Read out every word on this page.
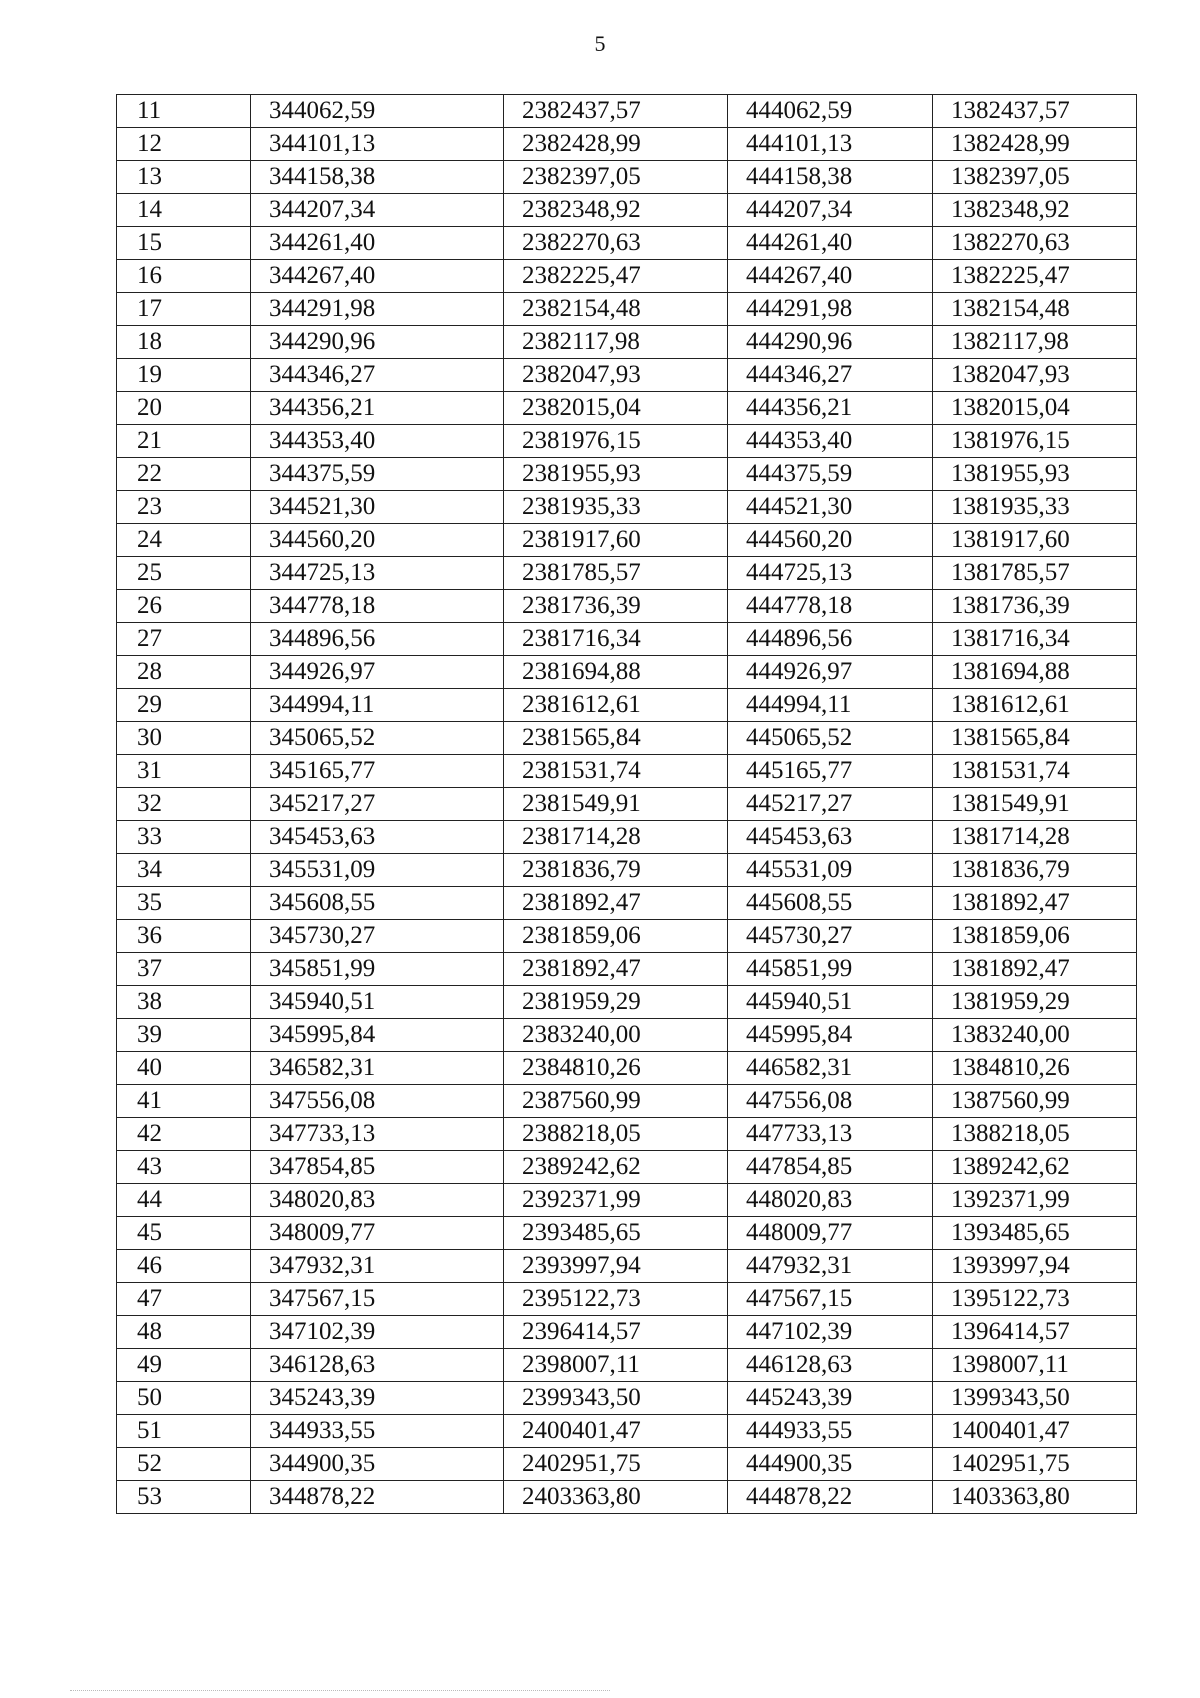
5
11	344062,59	2382437,57	444062,59	1382437,57
12	344101,13	2382428,99	444101,13	1382428,99
13	344158,38	2382397,05	444158,38	1382397,05
14	344207,34	2382348,92	444207,34	1382348,92
15	344261,40	2382270,63	444261,40	1382270,63
16	344267,40	2382225,47	444267,40	1382225,47
17	344291,98	2382154,48	444291,98	1382154,48
18	344290,96	2382117,98	444290,96	1382117,98
19	344346,27	2382047,93	444346,27	1382047,93
20	344356,21	2382015,04	444356,21	1382015,04
21	344353,40	2381976,15	444353,40	1381976,15
22	344375,59	2381955,93	444375,59	1381955,93
23	344521,30	2381935,33	444521,30	1381935,33
24	344560,20	2381917,60	444560,20	1381917,60
25	344725,13	2381785,57	444725,13	1381785,57
26	344778,18	2381736,39	444778,18	1381736,39
27	344896,56	2381716,34	444896,56	1381716,34
28	344926,97	2381694,88	444926,97	1381694,88
29	344994,11	2381612,61	444994,11	1381612,61
30	345065,52	2381565,84	445065,52	1381565,84
31	345165,77	2381531,74	445165,77	1381531,74
32	345217,27	2381549,91	445217,27	1381549,91
33	345453,63	2381714,28	445453,63	1381714,28
34	345531,09	2381836,79	445531,09	1381836,79
35	345608,55	2381892,47	445608,55	1381892,47
36	345730,27	2381859,06	445730,27	1381859,06
37	345851,99	2381892,47	445851,99	1381892,47
38	345940,51	2381959,29	445940,51	1381959,29
39	345995,84	2383240,00	445995,84	1383240,00
40	346582,31	2384810,26	446582,31	1384810,26
41	347556,08	2387560,99	447556,08	1387560,99
42	347733,13	2388218,05	447733,13	1388218,05
43	347854,85	2389242,62	447854,85	1389242,62
44	348020,83	2392371,99	448020,83	1392371,99
45	348009,77	2393485,65	448009,77	1393485,65
46	347932,31	2393997,94	447932,31	1393997,94
47	347567,15	2395122,73	447567,15	1395122,73
48	347102,39	2396414,57	447102,39	1396414,57
49	346128,63	2398007,11	446128,63	1398007,11
50	345243,39	2399343,50	445243,39	1399343,50
51	344933,55	2400401,47	444933,55	1400401,47
52	344900,35	2402951,75	444900,35	1402951,75
53	344878,22	2403363,80	444878,22	1403363,80
